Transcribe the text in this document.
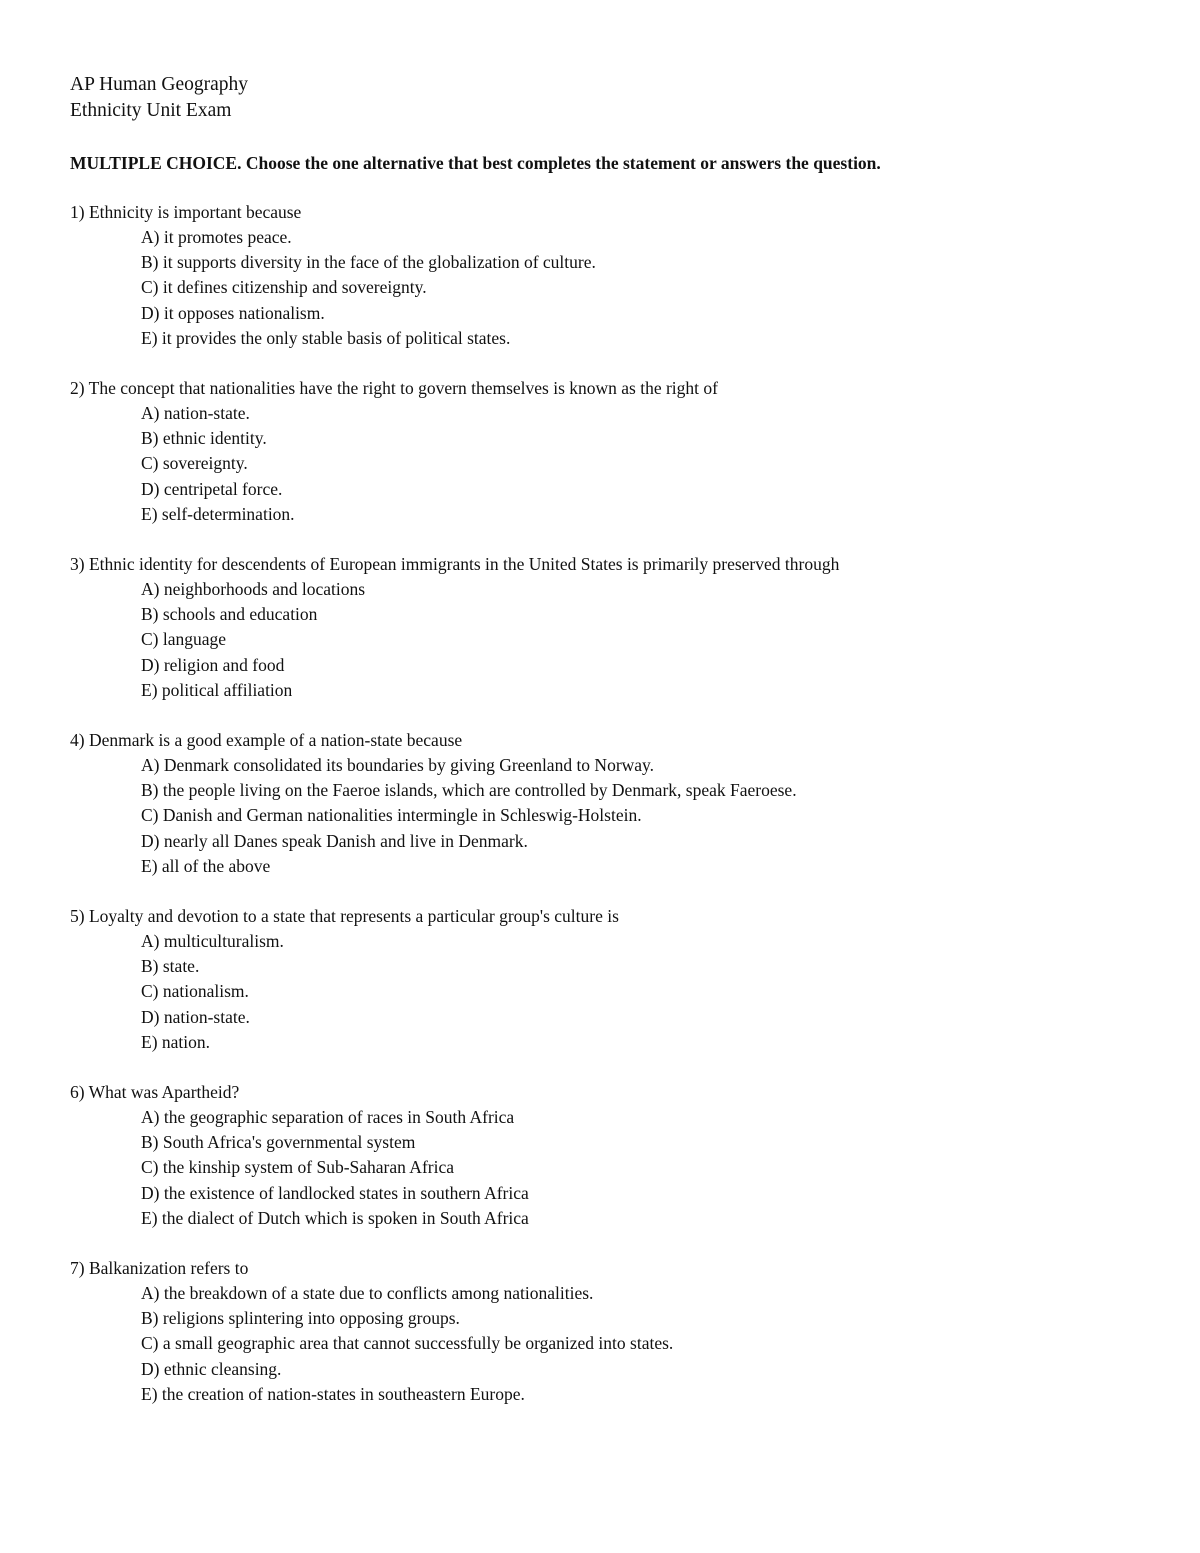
AP Human Geography
Ethnicity Unit Exam
MULTIPLE CHOICE. Choose the one alternative that best completes the statement or answers the question.
1) Ethnicity is important because
A) it promotes peace.
B) it supports diversity in the face of the globalization of culture.
C) it defines citizenship and sovereignty.
D) it opposes nationalism.
E) it provides the only stable basis of political states.
2) The concept that nationalities have the right to govern themselves is known as the right of
A) nation-state.
B) ethnic identity.
C) sovereignty.
D) centripetal force.
E) self-determination.
3) Ethnic identity for descendents of European immigrants in the United States is primarily preserved through
A) neighborhoods and locations
B) schools and education
C) language
D) religion and food
E) political affiliation
4) Denmark is a good example of a nation-state because
A) Denmark consolidated its boundaries by giving Greenland to Norway.
B) the people living on the Faeroe islands, which are controlled by Denmark, speak Faeroese.
C) Danish and German nationalities intermingle in Schleswig-Holstein.
D) nearly all Danes speak Danish and live in Denmark.
E) all of the above
5) Loyalty and devotion to a state that represents a particular group's culture is
A) multiculturalism.
B) state.
C) nationalism.
D) nation-state.
E) nation.
6) What was Apartheid?
A) the geographic separation of races in South Africa
B) South Africa's governmental system
C) the kinship system of Sub-Saharan Africa
D) the existence of landlocked states in southern Africa
E) the dialect of Dutch which is spoken in South Africa
7) Balkanization refers to
A) the breakdown of a state due to conflicts among nationalities.
B) religions splintering into opposing groups.
C) a small geographic area that cannot successfully be organized into states.
D) ethnic cleansing.
E) the creation of nation-states in southeastern Europe.
